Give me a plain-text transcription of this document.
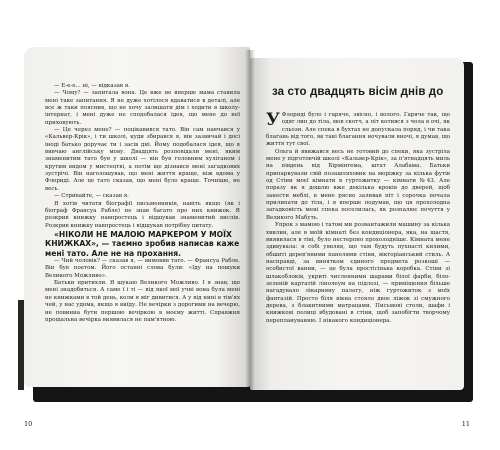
— Е-е-е... ні, — відказав я.

— Чому? — запитала вона. Це вже не вперше мама ставила мені таке запитання. Я не дуже хотілося вдаватися в деталі, але все ж таки пояснив, що не хочу залишати дім і ходити в школу-інтернат, і мені дуже не сподобалася ідея, що мене до неї приховують.

— Це через мене? — поцікавився тато. Він сам навчався у «Кальвер-Крік», і ти школі, куди збирався я, він зазвичай і досі іноді батько доручає ти і засів дні. Йому подобалася ідея, що я вивчаю англійську мову. Двадцять розповідали мені, яким знаменитим тато був у школі — він був головним хуліганом і крутим видом у мистецтві, а потім ще дізнався мені загадкових зустрічі. Він наголошував, що мені життя краще, ніж вдома у Флориді. Але це тато сказав, що мені було краще. Точніше, не весь.

— Стривайте, — сказав я.

Я хотів читати біографії письменників, навіть якщо (як і біограф Франсуа Рабле) не знав багато про них книжок. Я розкрив книжку навпростець і відшукав знаменитий вислів. Розкрив книжку навпростець і відшукав потрібну цитату.

«НІКОЛИ НЕ МАЛОЮ МАРКЕРОМ У МОЇХ КНИЖКАХ», — таємно зробив написав каже мені тато. Але не на прохання.

— Чий чоловік? — сказав я, — вимовив тато. — Франсуа Рабле. Він був поетом. Його останні слова були: «Іду на пошуки Великого Можливо».

Батьки притихли. Я шукаю Великого Можливо. І я знав, що мені знадобиться. А саме ї і ті — від якої мої учні вона була мені не книжками в той день, коли я міг дивитися. А у від нині в тім'ях чей, у нас удома, якщо я виїду. Не вечірки з дорогими на вечерю, не повинна бути першою вечіркою в моєму житті. Справжня прощальна вечірка виявилася не пам'ятною.

10
за сто двадцять вісім днів до

У Флориді було і гаряче, звісно, і волого. Гаряче так, що одяг лип до тіла, мов скотч, а піт котився з чола в очі, як сльози. Але спека в бухтах не допускала поряд, і чи така благань від того, як такі благання ночували вночі, я думав, що життя тут свої.

Ольга й ввижався весь не готовий до спеки, яка зустріла мене у підготовчій школі «Кальвер-Крік», за п'ятнадцять миль на південь від Бірмінгема, штат Алабама. Батьки припаркували свій позашляховик на моріжку за кілька футів од Стіни моєї кімнати в гуртожитку — кімнати №43. Але поразу як я дошлю вже декілька кроків до дверей, щоб занести меблі, в мене рясно заливав піт і сорочка почала прилипати до тіла, і я вперше подумав, що ця прохолодна загадковість мені спека поселилась, як розпалює почуття у Великого Мабуть.

Упрок з мамою і татом ми розвантажили машину за кілька хвилин, але в моїй кімнаті без кондиціонера, яка, на щастя, виявилася в тіні, було нестерпно прохолодніше. Кімната мене здивувала: я собі уявляв, що там будуть пухнасті килими, обшиті дерев'яними панелями стіни, вікторіанський стиль. А насправді, за винятком єдиного предмета розкоші — особистої ванни, — це була простісінька коробка. Стіни зі шлакоблоків, укриті численними шарами білої фарби, біло-зеленій картатій лінолеум на підлозі, — приміщення більше нагадувало лікарняну палату, ніж гуртожиток з моїх фантазій. Просто біля вікна стояло двоє ліжок зі смужного дерева, з блакитними матрацами. Письмові столи, шафи і книжкові полиці вбудовані в стіни, щоб запобігти творчому переплануванню. І нікакого кондиціонера.

11
